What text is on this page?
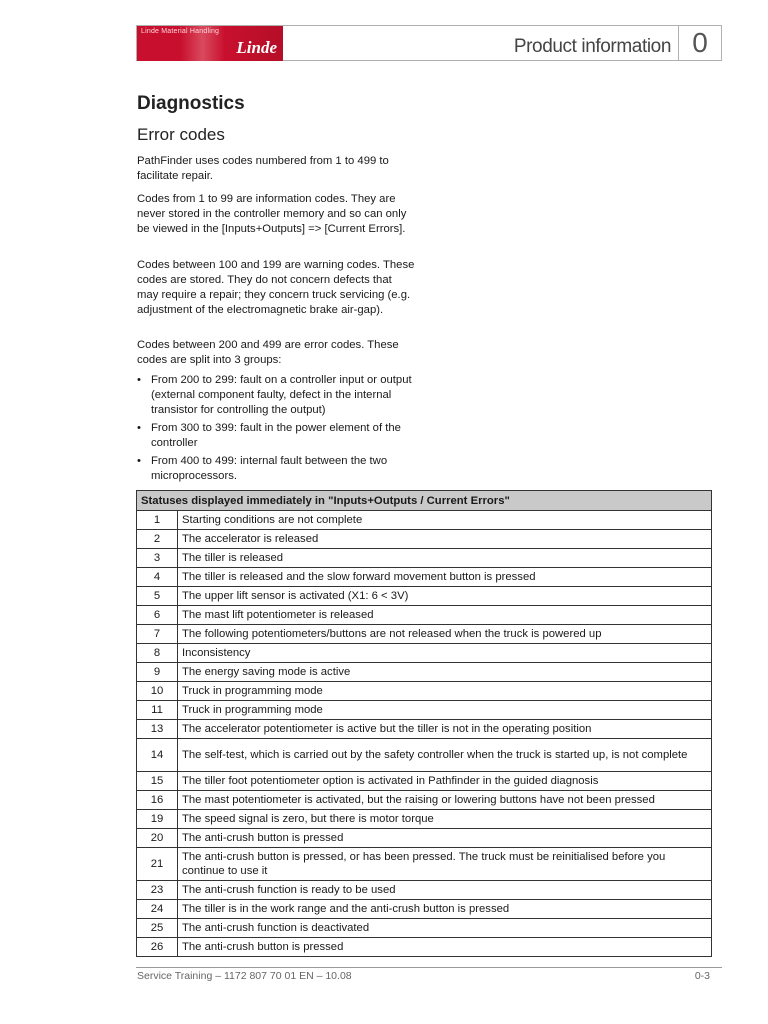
Linde Material Handling
Linde	Product information 0
Diagnostics
Error codes
PathFinder uses codes numbered from 1 to 499 to facilitate repair.
Codes from 1 to 99 are information codes. They are never stored in the controller memory and so can only be viewed in the [Inputs+Outputs] => [Current Errors].
Codes between 100 and 199 are warning codes. These codes are stored. They do not concern defects that may require a repair; they concern truck servicing (e.g. adjustment of the electromagnetic brake air-gap).
Codes between 200 and 499 are error codes. These codes are split into 3 groups:
• From 200 to 299: fault on a controller input or output (external component faulty, defect in the internal transistor for controlling the output)
• From 300 to 399: fault in the power element of the controller
• From 400 to 499: internal fault between the two microprocessors.
Statuses displayed immediately in "Inputs+Outputs / Current Errors"	
1	Starting conditions are not complete
2	The accelerator is released
3	The tiller is released
4	The tiller is released and the slow forward movement button is pressed
5	The upper lift sensor is activated (X1: 6 < 3V)
6	The mast lift potentiometer is released
7	The following potentiometers/buttons are not released when the truck is powered up
8	Inconsistency
9	The energy saving mode is active
10	Truck in programming mode
11	Truck in programming mode
13	The accelerator potentiometer is active but the tiller is not in the operating position
14	The self-test, which is carried out by the safety controller when the truck is started up, is not complete
15	The tiller foot potentiometer option is activated in Pathfinder in the guided diagnosis
16	The mast potentiometer is activated, but the raising or lowering buttons have not been pressed
19	The speed signal is zero, but there is motor torque
20	The anti-crush button is pressed
21	The anti-crush button is pressed, or has been pressed. The truck must be reinitialised before you continue to use it
23	The anti-crush function is ready to be used
24	The tiller is in the work range and the anti-crush button is pressed
25	The anti-crush function is deactivated
26	The anti-crush button is pressed
Service Training – 1172 807 70 01 EN – 10.08	0-3
